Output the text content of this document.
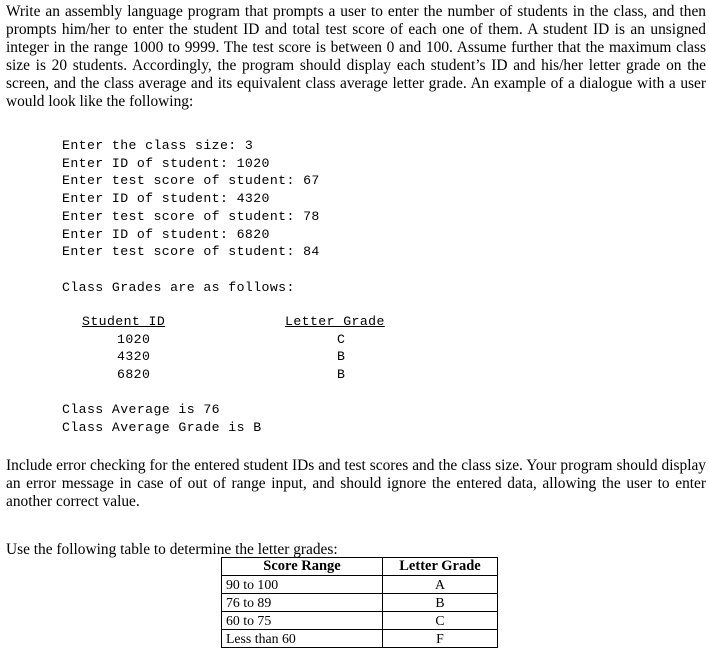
Write an assembly language program that prompts a user to enter the number of students in the class, and then prompts him/her to enter the student ID and total test score of each one of them. A student ID is an unsigned integer in the range 1000 to 9999. The test score is between 0 and 100. Assume further that the maximum class size is 20 students. Accordingly, the program should display each student’s ID and his/her letter grade on the screen, and the class average and its equivalent class average letter grade. An example of a dialogue with a user would look like the following:
Enter the class size: 3
Enter ID of student: 1020
Enter test score of student: 67
Enter ID of student: 4320
Enter test score of student: 78
Enter ID of student: 6820
Enter test score of student: 84
Class Grades are as follows:
Student ID	Letter Grade
1020	C
4320	B
6820	B
Class Average is 76
Class Average Grade is B
Include error checking for the entered student IDs and test scores and the class size. Your program should display an error message in case of out of range input, and should ignore the entered data, allowing the user to enter another correct value.
Use the following table to determine the letter grades:
Score Range	Letter Grade
90 to 100	A
76 to 89	B
60 to 75	C
Less than 60	F
